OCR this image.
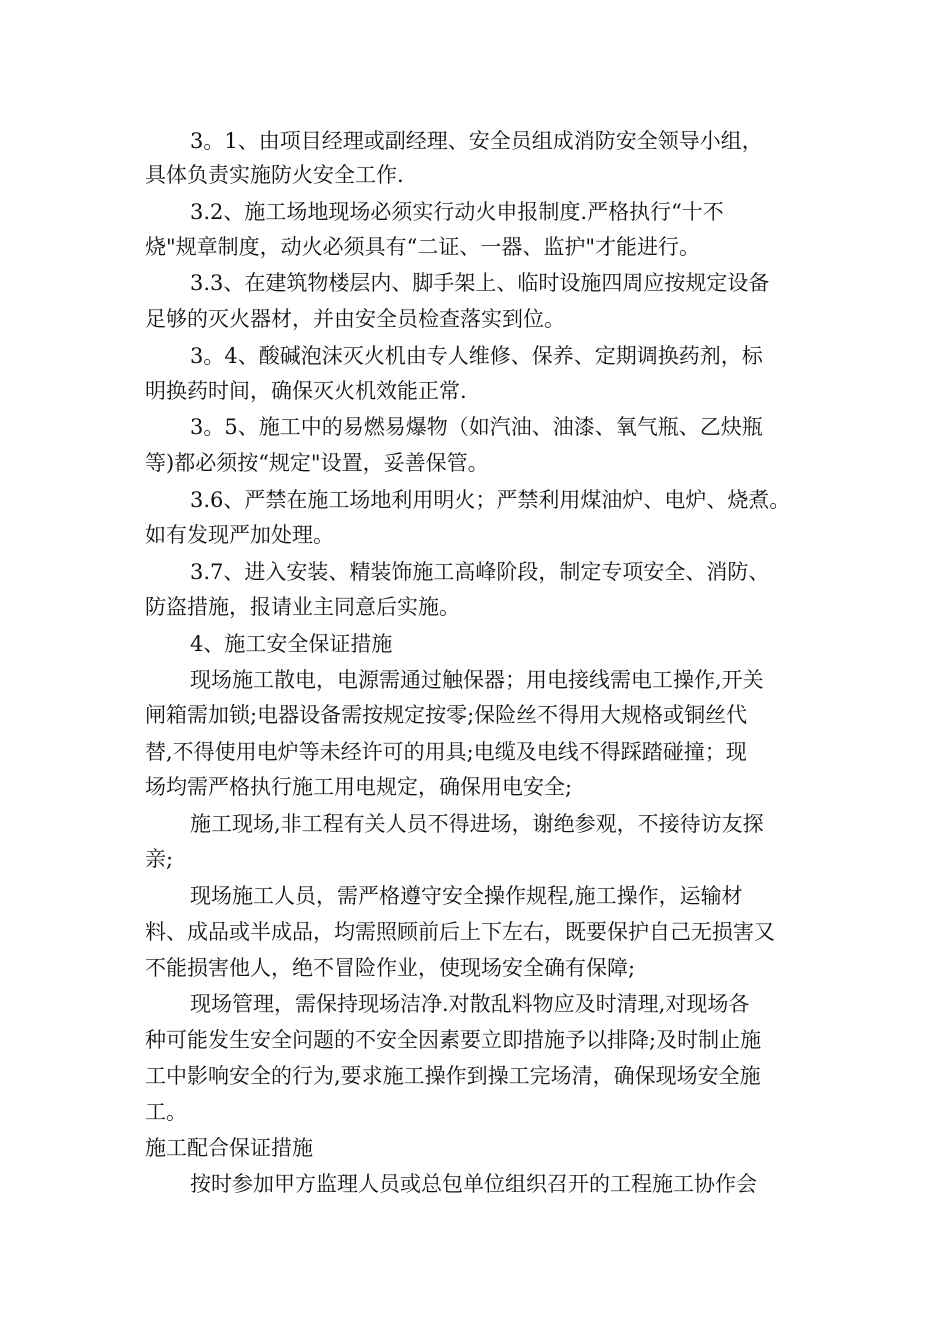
3。1、由项目经理或副经理、安全员组成消防安全领导小组，
具体负责实施防火安全工作.
3.2、施工场地现场必须实行动火申报制度.严格执行“十不
烧"规章制度，动火必须具有“二证、一器、监护"才能进行。
3.3、在建筑物楼层内、脚手架上、临时设施四周应按规定设备
足够的灭火器材，并由安全员检查落实到位。
3。4、酸碱泡沫灭火机由专人维修、保养、定期调换药剂，标
明换药时间，确保灭火机效能正常.
3。5、施工中的易燃易爆物（如汽油、油漆、氧气瓶、乙炔瓶
等)都必须按“规定"设置，妥善保管。
3.6、严禁在施工场地利用明火；严禁利用煤油炉、电炉、烧煮。
如有发现严加处理。
3.7、进入安装、精装饰施工高峰阶段，制定专项安全、消防、
防盗措施，报请业主同意后实施。
4、施工安全保证措施
现场施工散电，电源需通过触保器；用电接线需电工操作,开关
闸箱需加锁;电器设备需按规定按零;保险丝不得用大规格或铜丝代
替,不得使用电炉等未经许可的用具;电缆及电线不得踩踏碰撞；现
场均需严格执行施工用电规定，确保用电安全;
施工现场,非工程有关人员不得进场，谢绝参观，不接待访友探
亲;
现场施工人员，需严格遵守安全操作规程,施工操作，运输材
料、成品或半成品，均需照顾前后上下左右，既要保护自己无损害又
不能损害他人，绝不冒险作业，使现场安全确有保障;
现场管理，需保持现场洁净.对散乱料物应及时清理,对现场各
种可能发生安全问题的不安全因素要立即措施予以排降;及时制止施
工中影响安全的行为,要求施工操作到操工完场清，确保现场安全施
工。
施工配合保证措施
按时参加甲方监理人员或总包单位组织召开的工程施工协作会
